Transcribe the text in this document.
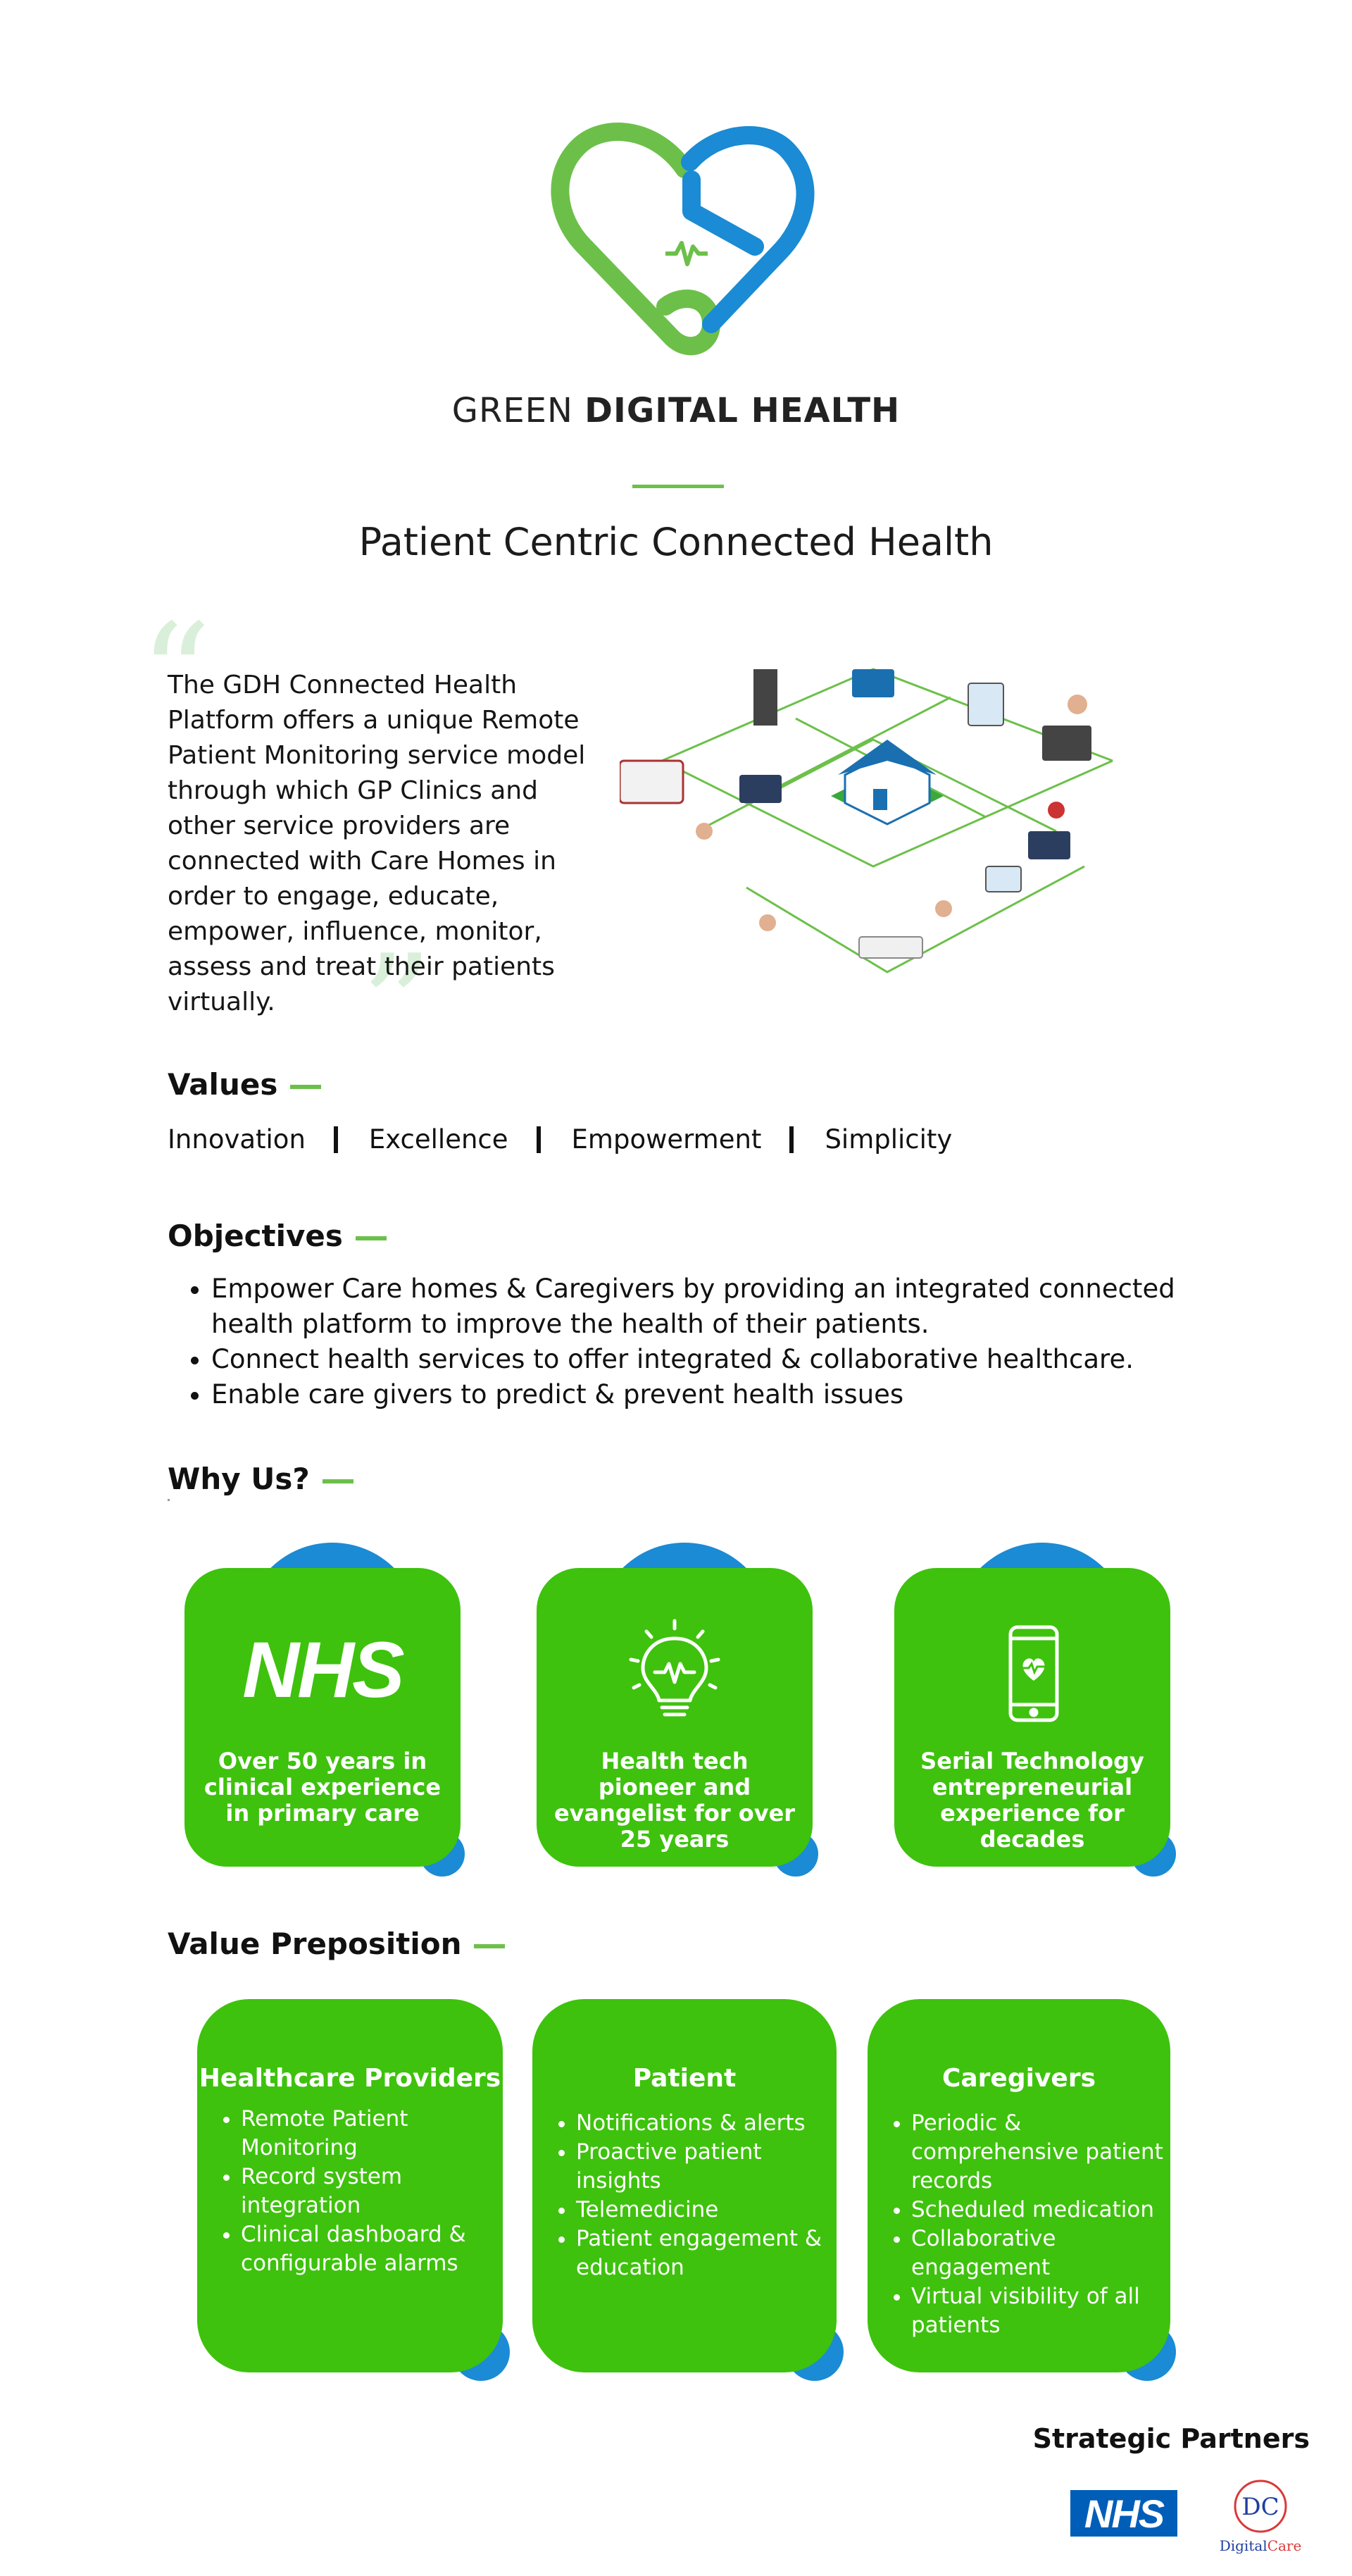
GREEN DIGITAL HEALTH
Patient Centric Connected Health
“
”
The GDH Connected Health Platform offers a unique Remote Patient Monitoring service model through which GP Clinics and other service providers are connected with Care Homes in order to engage, educate, empower, influence, monitor, assess and treat their patients virtually.
Values
Innovation Excellence Empowerment Simplicity
Objectives
• Empower Care homes & Caregivers by providing an integrated connected health platform to improve the health of their patients.
• Connect health services to offer integrated & collaborative healthcare.
• Enable care givers to predict & prevent health issues
Why Us?
NHS
Over 50 years in clinical experience in primary care
Health tech pioneer and evangelist for over 25 years
Serial Technology entrepreneurial experience for decades
Value Preposition
Healthcare Providers
• Remote Patient Monitoring
• Record system integration
• Clinical dashboard & configurable alarms
Patient
• Notifications & alerts
• Proactive patient insights
• Telemedicine
• Patient engagement & education
Caregivers
• Periodic & comprehensive patient records
• Scheduled medication
• Collaborative engagement
• Virtual visibility of all patients
Strategic Partners
NHS	DC
DigitalCare
